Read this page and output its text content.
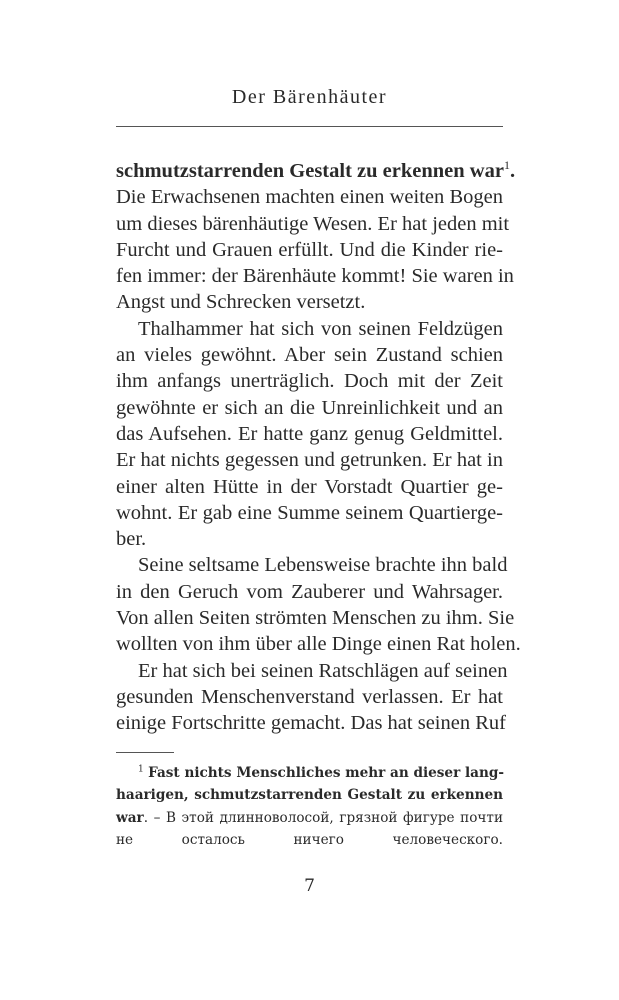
Der Bärenhäuter
schmutzstarrenden Gestalt zu erkennen war$^1$.
Die Erwachsenen machten einen weiten Bogen
um dieses bärenhäutige Wesen. Er hat jeden mit
Furcht und Grauen erfüllt. Und die Kinder rie-
fen immer: der Bärenhäute kommt! Sie waren in
Angst und Schrecken versetzt.
Thalhammer hat sich von seinen Feldzügen
an vieles gewöhnt. Aber sein Zustand schien
ihm anfangs unerträglich. Doch mit der Zeit
gewöhnte er sich an die Unreinlichkeit und an
das Aufsehen. Er hatte ganz genug Geldmittel.
Er hat nichts gegessen und getrunken. Er hat in
einer alten Hütte in der Vorstadt Quartier ge-
wohnt. Er gab eine Summe seinem Quartierge-
ber.
Seine seltsame Lebensweise brachte ihn bald
in den Geruch vom Zauberer und Wahrsager.
Von allen Seiten strömten Menschen zu ihm. Sie
wollten von ihm über alle Dinge einen Rat holen.
Er hat sich bei seinen Ratschlägen auf seinen
gesunden Menschenverstand verlassen. Er hat
einige Fortschritte gemacht. Das hat seinen Ruf
$^1$ Fast nichts Menschliches mehr an dieser lang-
haarigen, schmutzstarrenden Gestalt zu erkennen
war. – В этой длинноволосой, грязной фигуре почти
не осталось ничего человеческого.
7
